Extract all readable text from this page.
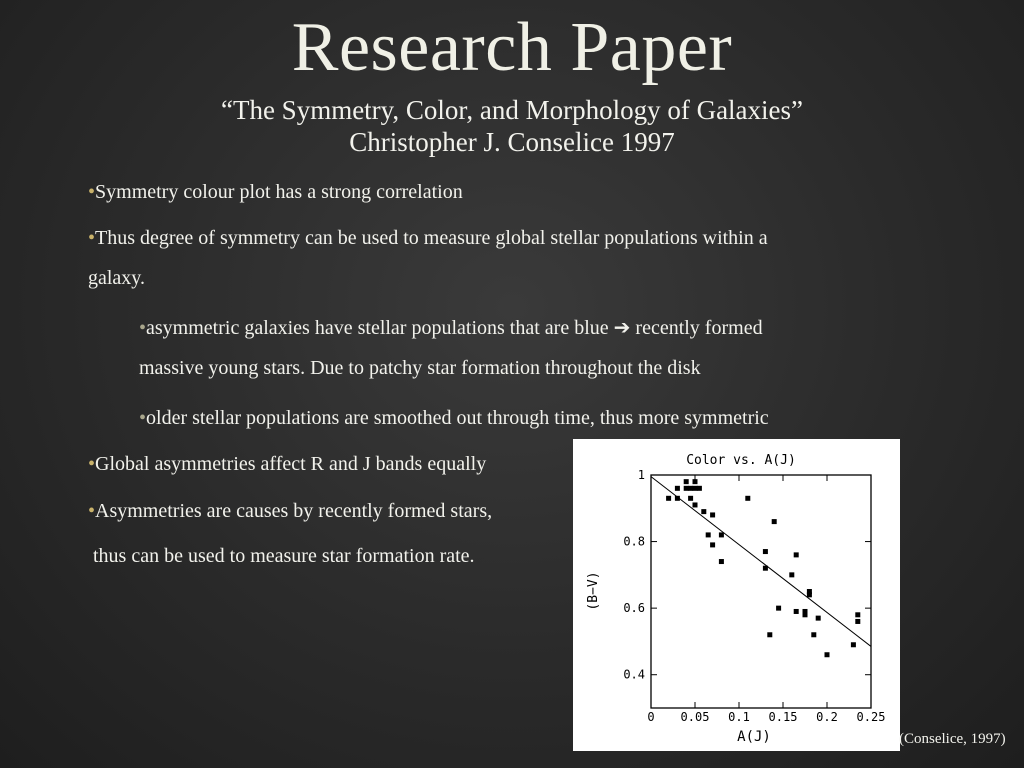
Research Paper
“The Symmetry, Color, and Morphology of Galaxies”
Christopher J. Conselice 1997
•Symmetry colour plot has a strong correlation
•Thus degree of symmetry can be used to measure global stellar populations within a
galaxy.
•asymmetric galaxies have stellar populations that are blue ➔ recently formed
massive young stars. Due to patchy star formation throughout the disk
•older stellar populations are smoothed out through time, thus more symmetric
•Global asymmetries affect R and J bands equally
•Asymmetries are causes by recently formed stars,
thus can be used to measure star formation rate.
Color vs. A(J)
0 0.05 0.1 0.15 0.2 0.25
0.4
0.6
0.8
1
A(J)
(B−V)
(Conselice, 1997)
